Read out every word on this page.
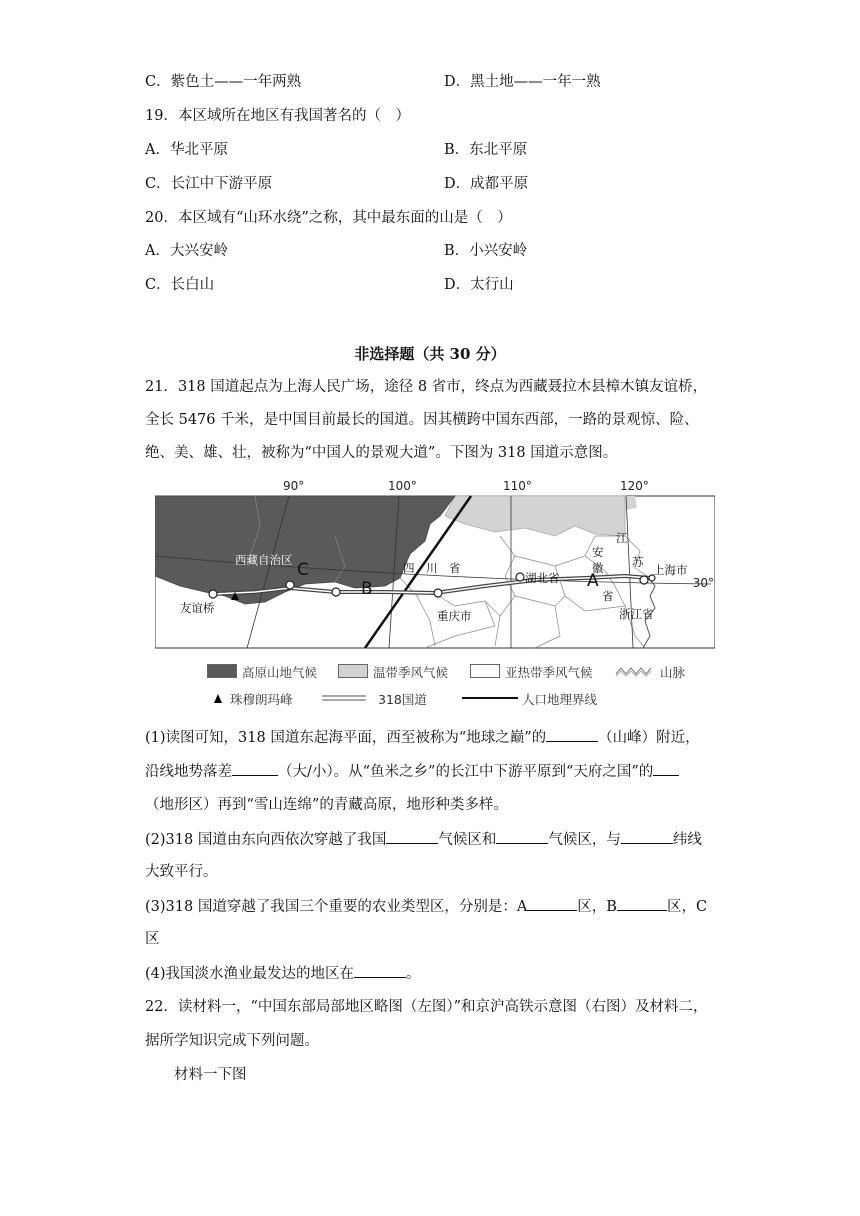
C．紫色土——一年两熟	D．黑土地——一年一熟
19．本区域所在地区有我国著名的（　）
A．华北平原	B．东北平原
C．长江中下游平原	D．成都平原
20．本区域有“山环水绕”之称，其中最东面的山是（　）
A．大兴安岭	B．小兴安岭
C．长白山	D．太行山
非选择题（共 30 分）
21．318 国道起点为上海人民广场，途径 8 省市，终点为西藏聂拉木县樟木镇友谊桥，
全长 5476 千米，是中国目前最长的国道。因其横跨中国东西部，一路的景观惊、险、
绝、美、雄、壮，被称为“中国人的景观大道”。下图为 318 国道示意图。
90°	100°	110°	120°
西藏自治区
四　川　省
湖北省
安
徽
省
江
苏
上海市
重庆市	浙江省
友谊桥
C
B	A	30°
高原山地气候	温带季风气候	亚热带季风气候	山脉
珠穆朗玛峰	318国道	人口地理界线
(1)读图可知，318 国道东起海平面，西至被称为“地球之巅”的	（山峰）附近，
沿线地势落差	（大/小）。从“鱼米之乡”的长江中下游平原到“天府之国”的
（地形区）再到“雪山连绵”的青藏高原，地形种类多样。
(2)318 国道由东向西依次穿越了我国	气候区和	气候区，与	纬线
大致平行。
(3)318 国道穿越了我国三个重要的农业类型区，分别是：A	区，B	区，C
区
(4)我国淡水渔业最发达的地区在	。
22．读材料一，“中国东部局部地区略图（左图）”和京沪高铁示意图（右图）及材料二，
据所学知识完成下列问题。
材料一下图
